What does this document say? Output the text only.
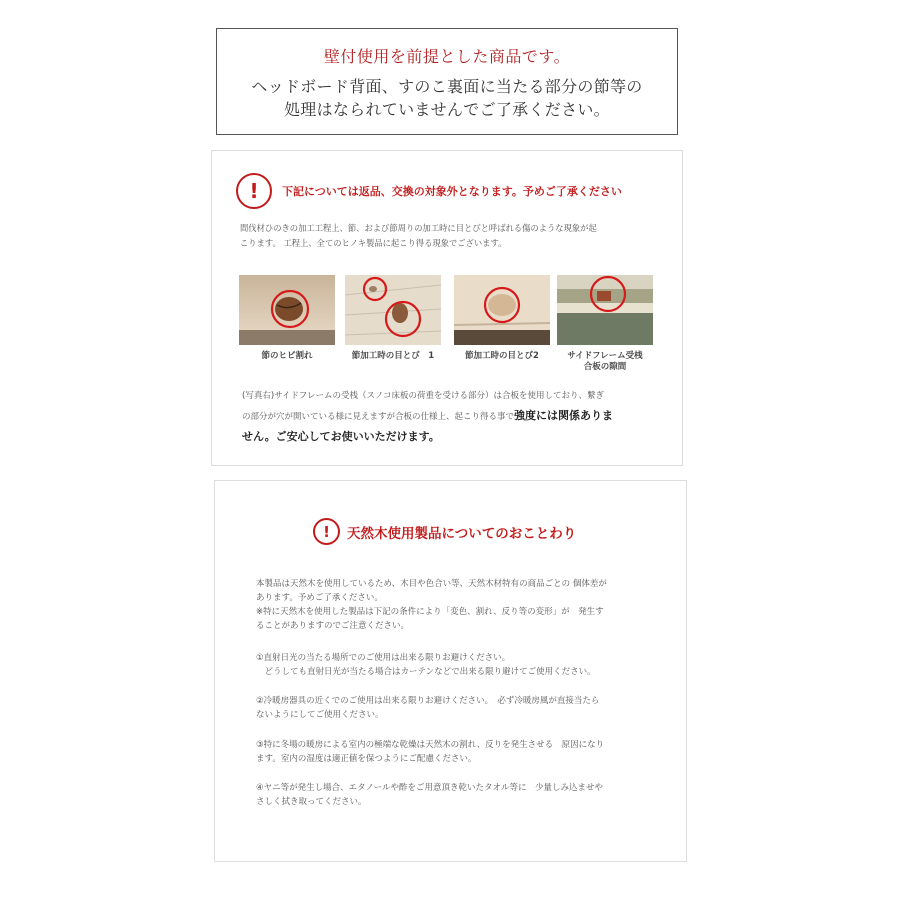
壁付使用を前提とした商品です。
ヘッドボード背面、すのこ裏面に当たる部分の節等の
処理はなられていませんでご了承ください。
!	下記については返品、交換の対象外となります。予めご了承ください
間伐材ひのきの加工工程上、節、および節周りの加工時に目とびと呼ばれる傷のような現象が起
こります。 工程上、全てのヒノキ製品に起こり得る現象でございます。
節のヒビ割れ	節加工時の目とび　1	節加工時の目とび2	サイドフレーム受桟
合板の隙間
(写真右)サイドフレームの受桟（スノコ床板の荷重を受ける部分）は合板を使用しており、繋ぎ
の部分が穴が開いている様に見えますが合板の仕様上、起こり得る事で強度には関係ありま
せん。ご安心してお使いいただけます。
!	天然木使用製品についてのおことわり
本製品は天然木を使用しているため、木目や色合い等、天然木材特有の商品ごとの 個体差が
あります。予めご了承ください。
※特に天然木を使用した製品は下記の条件により「変色、割れ、反り等の変形」が　発生す
ることがありますのでご注意ください。
①直射日光の当たる場所でのご使用は出来る限りお避けください。
　どうしても直射日光が当たる場合はカーテンなどで出来る限り避けてご使用ください。
②冷暖房器具の近くでのご使用は出来る限りお避けください。　必ず冷暖房風が直接当たら
ないようにしてご使用ください。
③特に冬場の暖房による室内の極端な乾燥は天然木の割れ、反りを発生させる　原因になり
ます。室内の湿度は適正値を保つようにご配慮ください。
④ヤニ等が発生し場合、エタノールや酢をご用意頂き乾いたタオル等に　少量しみ込ませや
さしく拭き取ってください。
